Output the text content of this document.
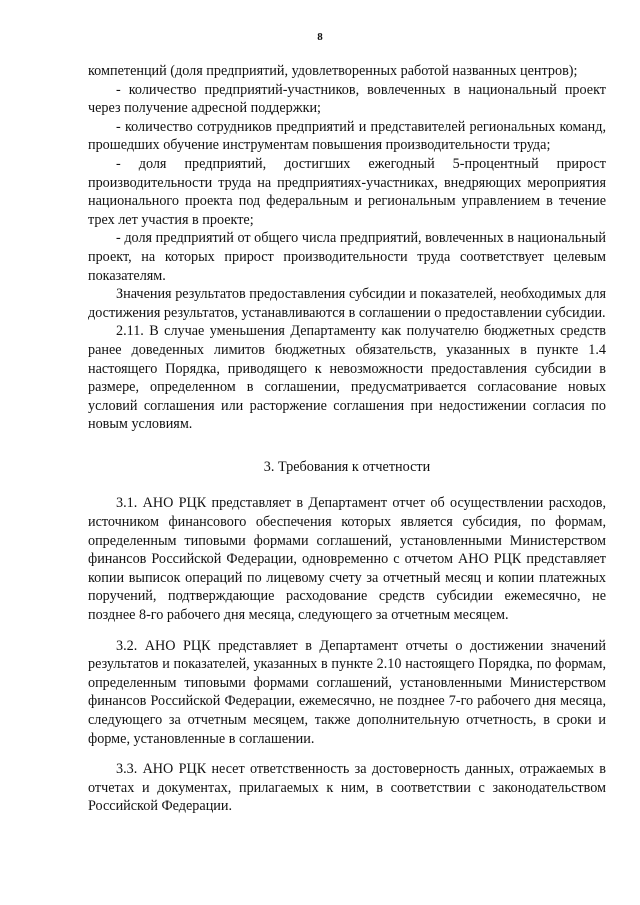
8

компетенций (доля предприятий, удовлетворенных работой названных центров);

- количество предприятий-участников, вовлеченных в национальный проект через получение адресной поддержки;

- количество сотрудников предприятий и представителей региональных команд, прошедших обучение инструментам повышения производительности труда;

- доля предприятий, достигших ежегодный 5-процентный прирост производительности труда на предприятиях-участниках, внедряющих мероприятия национального проекта под федеральным и региональным управлением в течение трех лет участия в проекте;

- доля предприятий от общего числа предприятий, вовлеченных в национальный проект, на которых прирост производительности труда соответствует целевым показателям.

Значения результатов предоставления субсидии и показателей, необходимых для достижения результатов, устанавливаются в соглашении о предоставлении субсидии.

2.11. В случае уменьшения Департаменту как получателю бюджетных средств ранее доведенных лимитов бюджетных обязательств, указанных в пункте 1.4 настоящего Порядка, приводящего к невозможности предоставления субсидии в размере, определенном в соглашении, предусматривается согласование новых условий соглашения или расторжение соглашения при недостижении согласия по новым условиям.

3. Требования к отчетности

3.1. АНО РЦК представляет в Департамент отчет об осуществлении расходов, источником финансового обеспечения которых является субсидия, по формам, определенным типовыми формами соглашений, установленными Министерством финансов Российской Федерации, одновременно с отчетом АНО РЦК представляет копии выписок операций по лицевому счету за отчетный месяц и копии платежных поручений, подтверждающие расходование средств субсидии ежемесячно, не позднее 8-го рабочего дня месяца, следующего за отчетным месяцем.

3.2. АНО РЦК представляет в Департамент отчеты о достижении значений результатов и показателей, указанных в пункте 2.10 настоящего Порядка, по формам, определенным типовыми формами соглашений, установленными Министерством финансов Российской Федерации, ежемесячно, не позднее 7-го рабочего дня месяца, следующего за отчетным месяцем, также дополнительную отчетность, в сроки и форме, установленные в соглашении.

3.3. АНО РЦК несет ответственность за достоверность данных, отражаемых в отчетах и документах, прилагаемых к ним, в соответствии с законодательством Российской Федерации.
